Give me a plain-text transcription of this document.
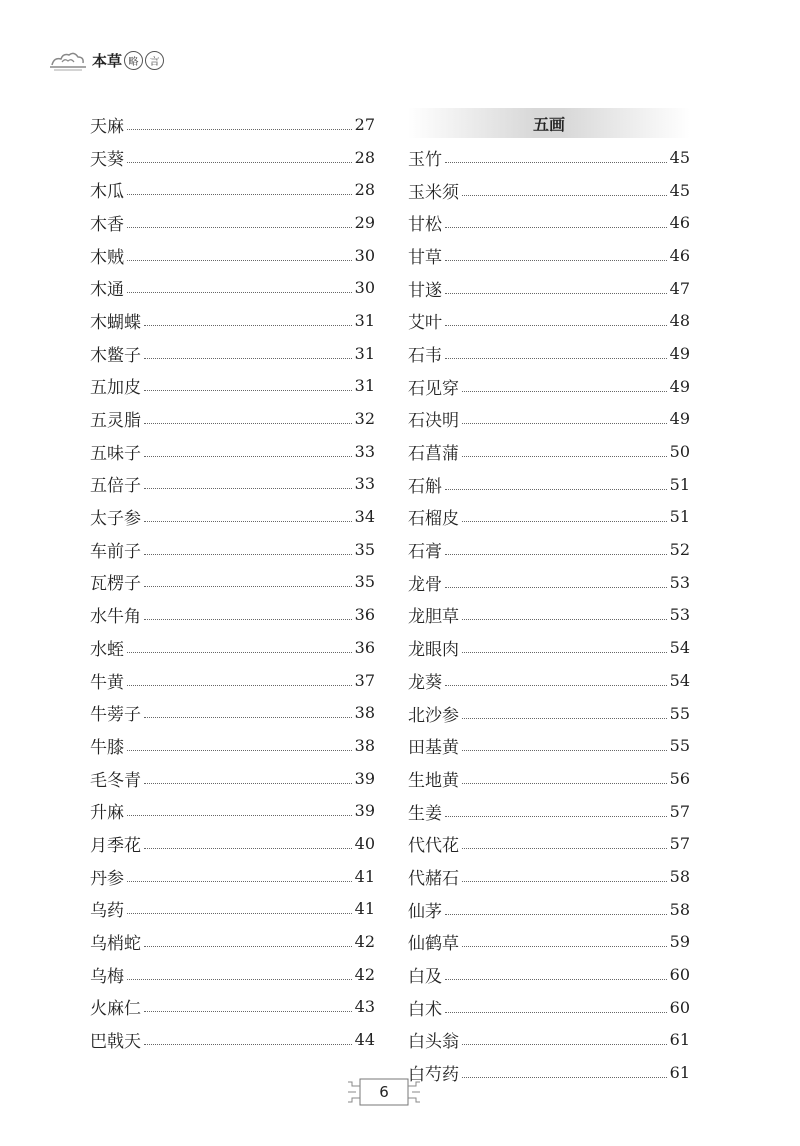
本草 略	言
天麻	27
天葵	28
木瓜	28
木香	29
木贼	30
木通	30
木蝴蝶	31
木鳖子	31
五加皮	31
五灵脂	32
五味子	33
五倍子	33
太子参	34
车前子	35
瓦楞子	35
水牛角	36
水蛭	36
牛黄	37
牛蒡子	38
牛膝	38
毛冬青	39
升麻	39
月季花	40
丹参	41
乌药	41
乌梢蛇	42
乌梅	42
火麻仁	43
巴戟天	44
五画
玉竹	45
玉米须	45
甘松	46
甘草	46
甘遂	47
艾叶	48
石韦	49
石见穿	49
石决明	49
石菖蒲	50
石斛	51
石榴皮	51
石膏	52
龙骨	53
龙胆草	53
龙眼肉	54
龙葵	54
北沙参	55
田基黄	55
生地黄	56
生姜	57
代代花	57
代赭石	58
仙茅	58
仙鹤草	59
白及	60
白术	60
白头翁	61
白芍药	61
6
